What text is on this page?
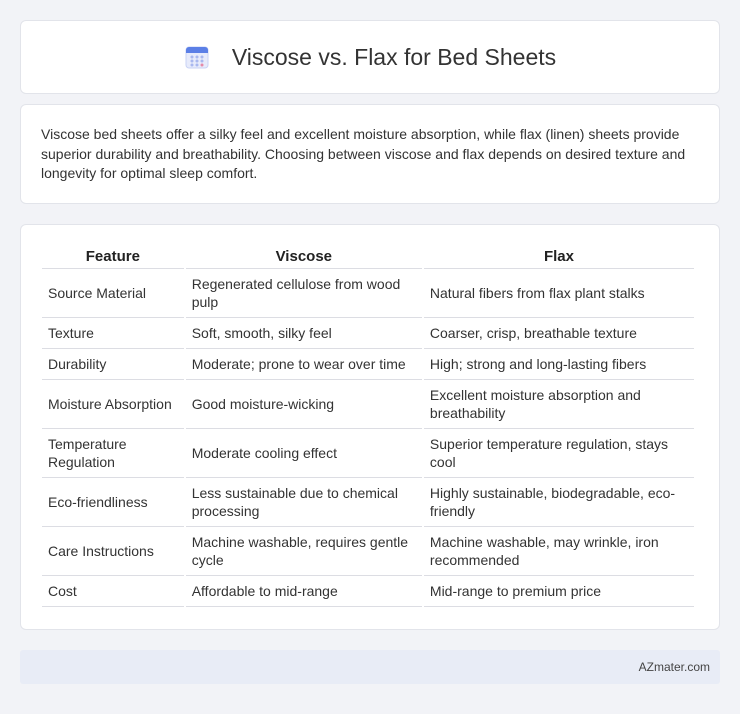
Viscose vs. Flax for Bed Sheets

Viscose bed sheets offer a silky feel and excellent moisture absorption, while flax (linen) sheets provide superior durability and breathability. Choosing between viscose and flax depends on desired texture and longevity for optimal sleep comfort.

Feature	Viscose	Flax
Source Material	Regenerated cellulose from wood pulp	Natural fibers from flax plant stalks
Texture	Soft, smooth, silky feel	Coarser, crisp, breathable texture
Durability	Moderate; prone to wear over time	High; strong and long-lasting fibers
Moisture Absorption	Good moisture-wicking	Excellent moisture absorption and breathability
Temperature Regulation	Moderate cooling effect	Superior temperature regulation, stays cool
Eco-friendliness	Less sustainable due to chemical processing	Highly sustainable, biodegradable, eco-friendly
Care Instructions	Machine washable, requires gentle cycle	Machine washable, may wrinkle, iron recommended
Cost	Affordable to mid-range	Mid-range to premium price
AZmater.com
